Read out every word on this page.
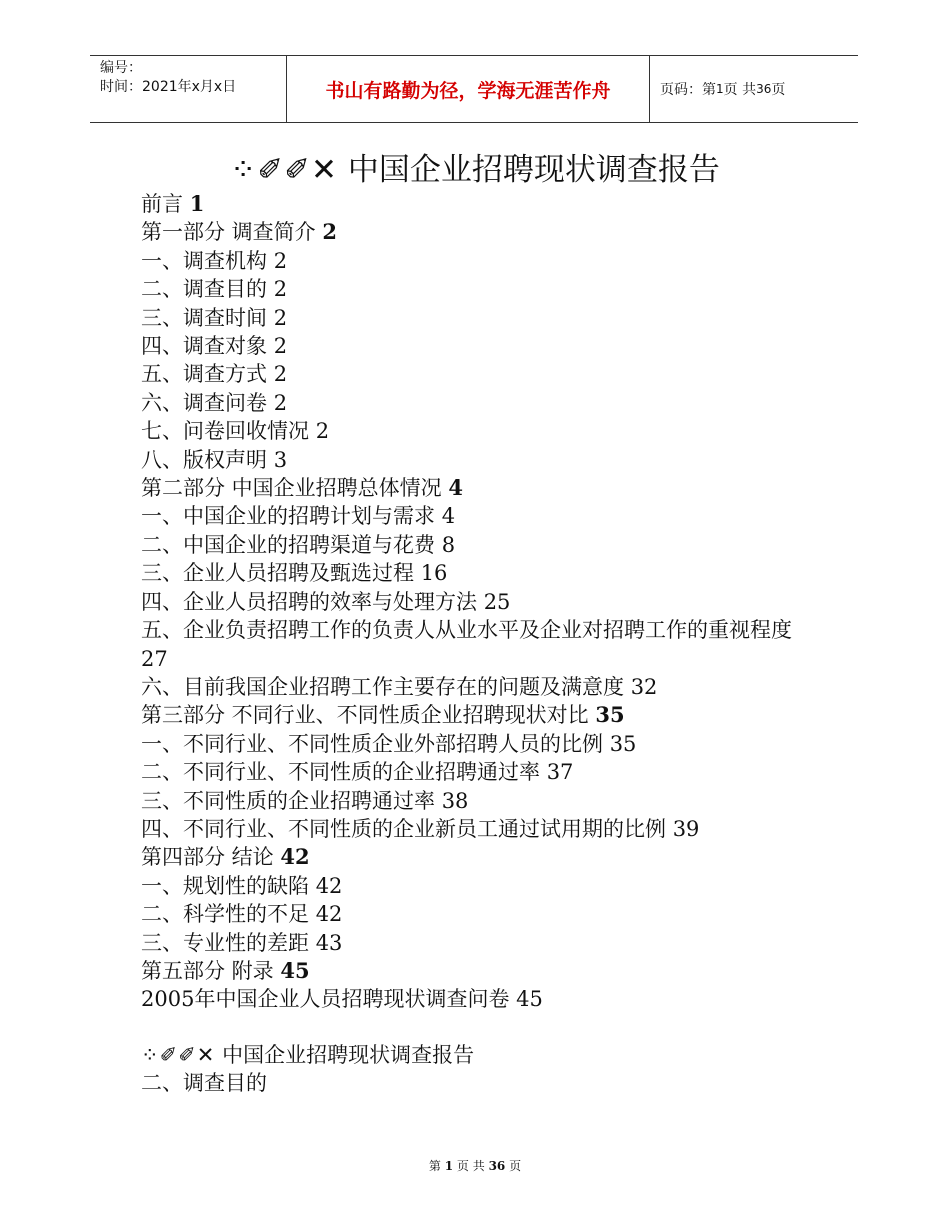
编号：
时间：2021年x月x日	书山有路勤为径，学海无涯苦作舟	页码：第 1 页 共 36 页
⁘✐✐✕ 中国企业招聘现状调查报告
前言 1
第一部分 调查简介 2
一、调查机构 2
二、调查目的 2
三、调查时间 2
四、调查对象 2
五、调查方式 2
六、调查问卷 2
七、问卷回收情况 2
八、版权声明 3
第二部分 中国企业招聘总体情况 4
一、中国企业的招聘计划与需求 4
二、中国企业的招聘渠道与花费 8
三、企业人员招聘及甄选过程 16
四、企业人员招聘的效率与处理方法 25
五、企业负责招聘工作的负责人从业水平及企业对招聘工作的重视程度 27
六、目前我国企业招聘工作主要存在的问题及满意度 32
第三部分 不同行业、不同性质企业招聘现状对比 35
一、不同行业、不同性质企业外部招聘人员的比例 35
二、不同行业、不同性质的企业招聘通过率 37
三、不同性质的企业招聘通过率 38
四、不同行业、不同性质的企业新员工通过试用期的比例 39
第四部分 结论 42
一、规划性的缺陷 42
二、科学性的不足 42
三、专业性的差距 43
第五部分 附录 45
2005年中国企业人员招聘现状调查问卷 45
⁘✐✐✕ 中国企业招聘现状调查报告
二、调查目的
第 1 页 共 36 页
